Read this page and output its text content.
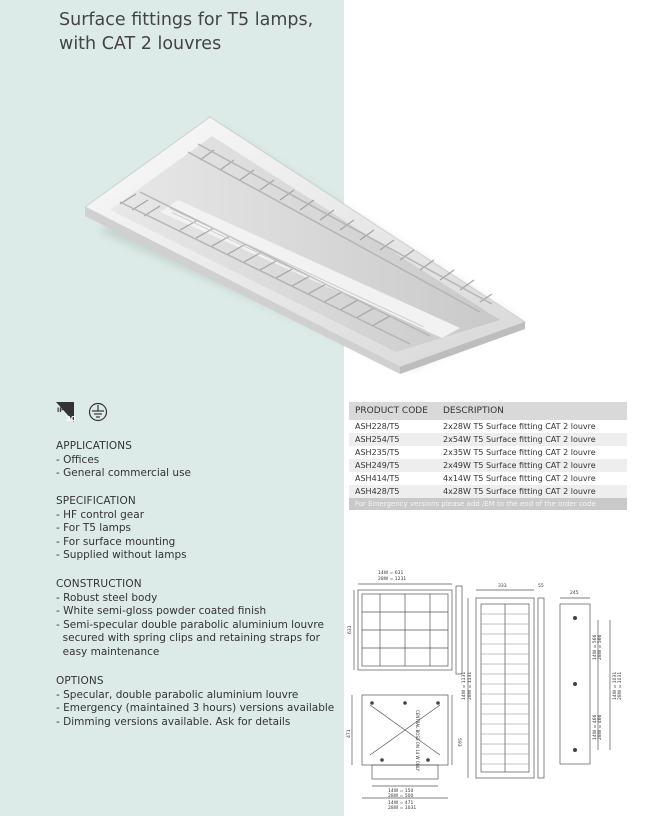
Surface fittings for T5 lamps,
with CAT 2 louvres
IP
20
APPLICATIONS
- Offices
- General commercial use
SPECIFICATION
- HF control gear
- For T5 lamps
- For surface mounting
- Supplied without lamps
CONSTRUCTION
- Robust steel body
- White semi-gloss powder coated finish
- Semi-specular double parabolic aluminium louvre
secured with spring clips and retaining straps for
easy maintenance
OPTIONS
- Specular, double parabolic aluminium louvre
- Emergency (maintained 3 hours) versions available
- Dimming versions available. Ask for details
PRODUCT CODE DESCRIPTION
ASH228/T5	2x28W T5 Surface fitting CAT 2 louvre
ASH254/T5	2x54W T5 Surface fitting CAT 2 louvre
ASH235/T5	2x35W T5 Surface fitting CAT 2 louvre
ASH249/T5	2x49W T5 Surface fitting CAT 2 louvre
ASH414/T5	4x14W T5 Surface fitting CAT 2 louvre
ASH428/T5	4x28W T5 Surface fitting CAT 2 louvre
For Emergency versions please add /EM to the end of the order code
14W = 631
28W = 1231
333	55
245
14W = 150
28W = 500
14W = 471
28W = 1031
631
471
593
14W = 1131 28W = 1131
14W = 566 28W = 566
14W = 1031 28W = 1031
14W = 466 28W = 466
CENTRAL BOSS ON 14 W ONLY
